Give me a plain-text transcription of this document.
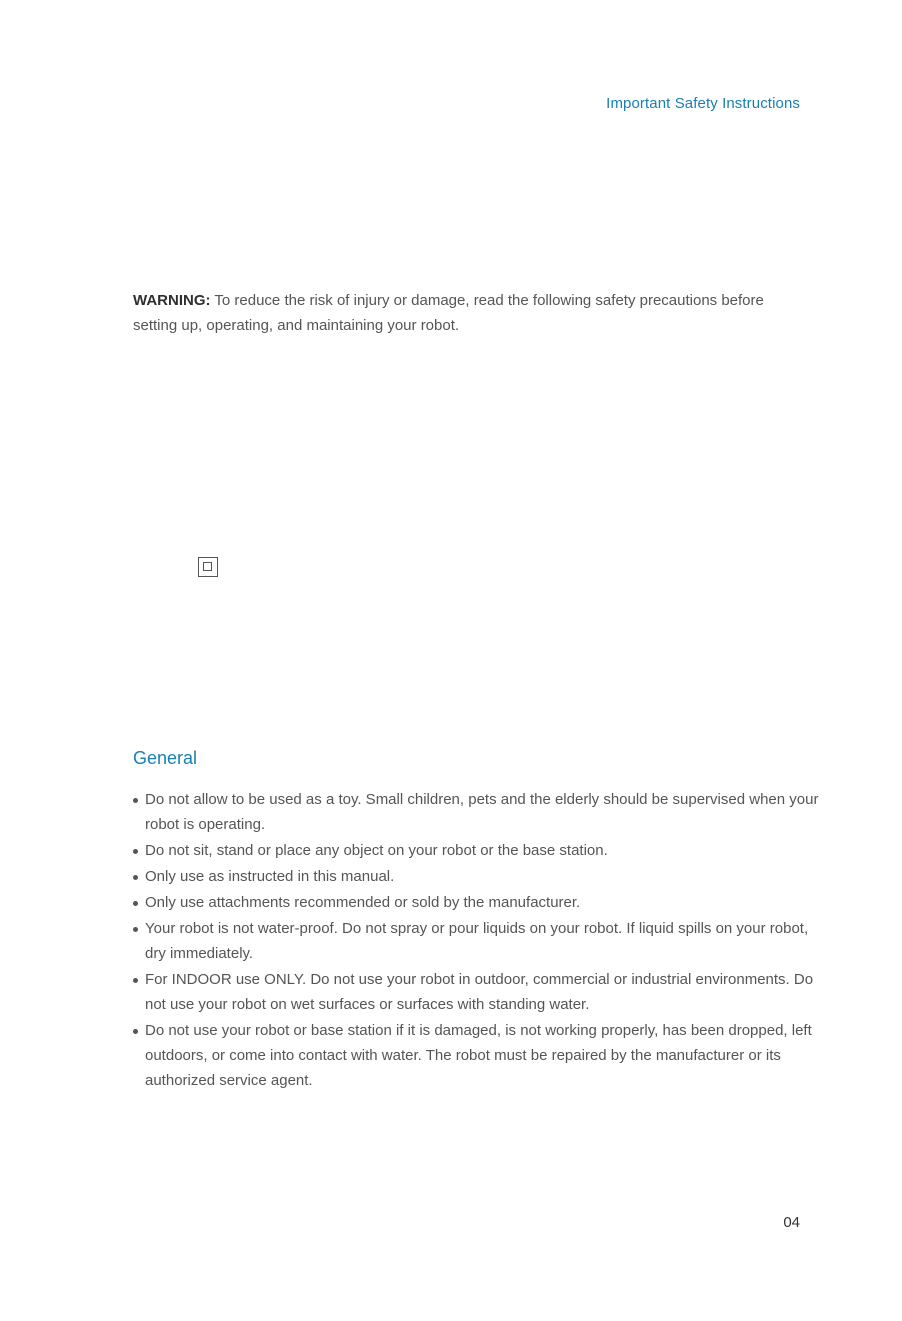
Important Safety Instructions
WARNING: To reduce the risk of injury or damage, read the following safety precautions before setting up, operating, and maintaining your robot.
General
Do not allow to be used as a toy. Small children, pets and the elderly should be supervised when your robot is operating.
Do not sit, stand or place any object on your robot or the base station.
Only use as instructed in this manual.
Only use attachments recommended or sold by the manufacturer.
Your robot is not water-proof. Do not spray or pour liquids on your robot. If liquid spills on your robot, dry immediately.
For INDOOR use ONLY. Do not use your robot in outdoor, commercial or industrial environments. Do not use your robot on wet surfaces or surfaces with standing water.
Do not use your robot or base station if it is damaged, is not working properly, has been dropped, left outdoors, or come into contact with water. The robot must be repaired by the manufacturer or its authorized service agent.
04
